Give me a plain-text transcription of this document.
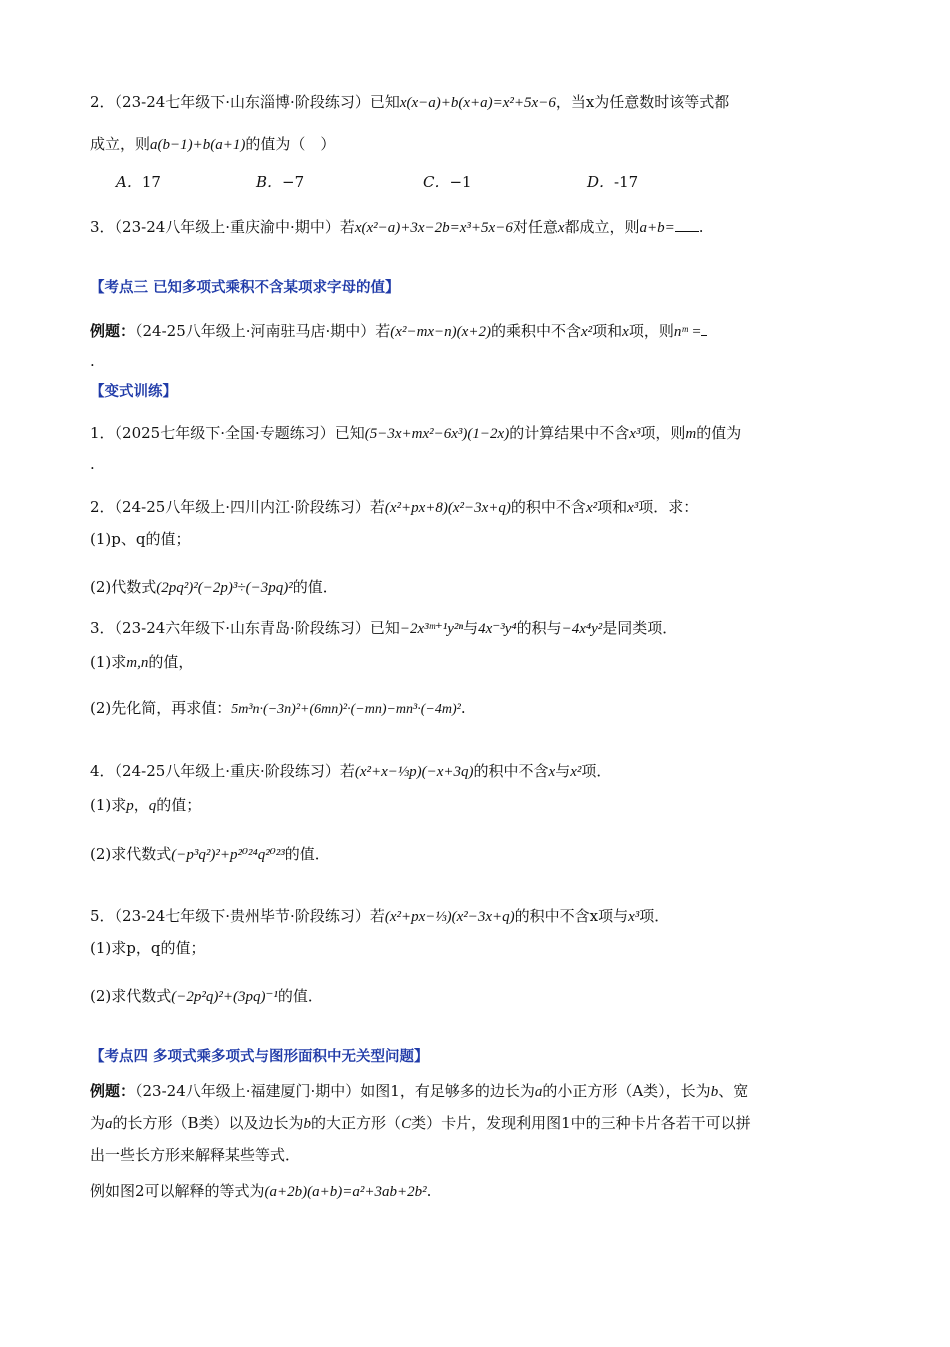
2．（23-24七年级下·山东淄博·阶段练习）已知x(x−a)+b(x+a)=x²+5x−6，当x为任意数时该等式都
成立，则a(b−1)+b(a+1)的值为（　）
A．17	B．−7	C．−1	D．-17
3．（23-24八年级上·重庆渝中·期中）若x(x²−a)+3x−2b=x³+5x−6对任意x都成立，则a+b= .
【考点三 已知多项式乘积不含某项求字母的值】
例题：（24-25八年级上·河南驻马店·期中）若(x²−mx−n)(x+2)的乘积中不含x²项和x项，则nᵐ =
.
【变式训练】
1．（2025七年级下·全国·专题练习）已知(5−3x+mx²−6x³)(1−2x)的计算结果中不含x³项，则m的值为
.
2．（24-25八年级上·四川内江·阶段练习）若(x²+px+8)(x²−3x+q)的积中不含x²项和x³项．求：
(1)p、q的值；
(2)代数式(2pq²)²(−2p)³÷(−3pq)²的值．
3．（23-24六年级下·山东青岛·阶段练习）已知−2x³ᵐ⁺¹y²ⁿ与4x⁻³y⁴的积与−4x⁴y²是同类项．
(1)求m,n的值，
(2)先化简，再求值：5m³n·(−3n)²+(6mn)²·(−mn)−mn³·(−4m)².
4．（24-25八年级上·重庆·阶段练习）若(x²+x−⅓p)(−x+3q)的积中不含x与x²项．
(1)求p，q的值；
(2)求代数式(−p³q²)²+p²⁰²⁴q²⁰²³的值．
5．（23-24七年级下·贵州毕节·阶段练习）若(x²+px−⅓)(x²−3x+q)的积中不含x项与x³项．
(1)求p，q的值；
(2)求代数式(−2p²q)²+(3pq)⁻¹的值．
【考点四 多项式乘多项式与图形面积中无关型问题】
例题：（23-24八年级上·福建厦门·期中）如图1，有足够多的边长为a的小正方形（A类），长为b、宽
为a的长方形（B类）以及边长为b的大正方形（C类）卡片，发现利用图1中的三种卡片各若干可以拼
出一些长方形来解释某些等式．
例如图2可以解释的等式为(a+2b)(a+b)=a²+3ab+2b².
